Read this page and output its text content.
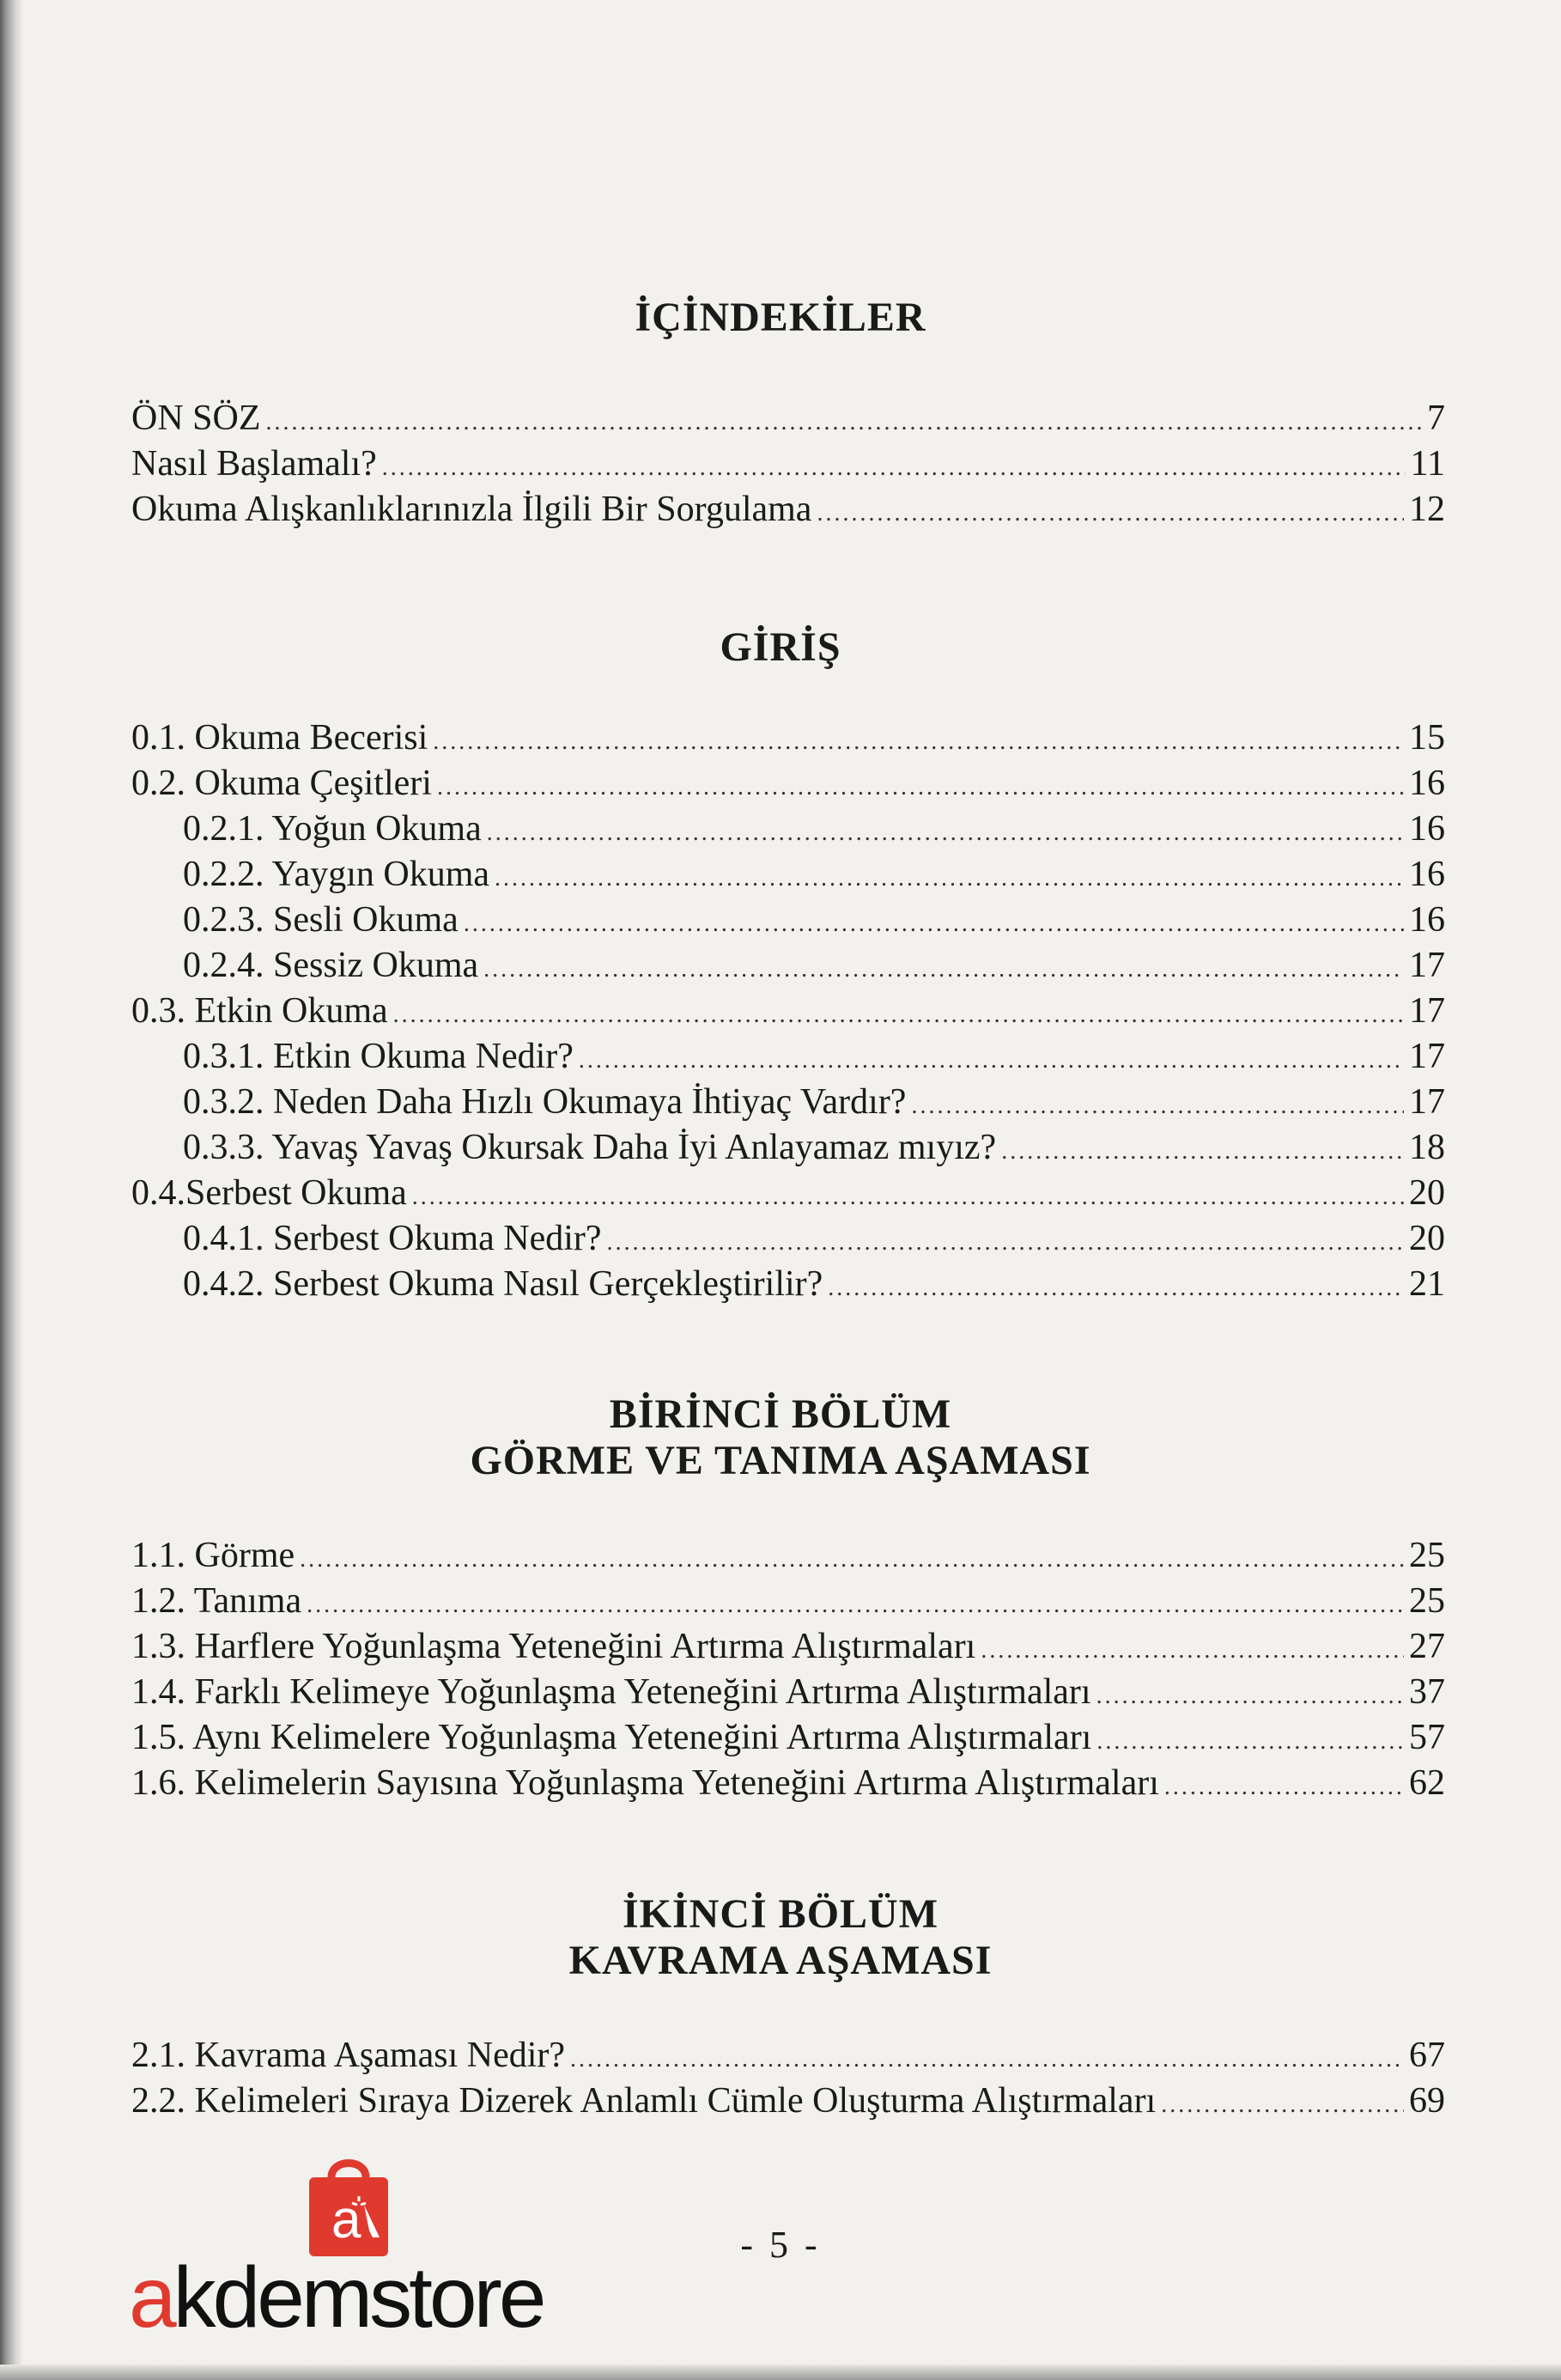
İÇİNDEKİLER
ÖN SÖZ .....	7
Nasıl Başlamalı? .....	11
Okuma Alışkanlıklarınızla İlgili Bir Sorgulama .....	12
GİRİŞ
0.1. Okuma Becerisi .....	15
0.2. Okuma Çeşitleri .....	16
0.2.1. Yoğun Okuma .....	16
0.2.2. Yaygın Okuma .....	16
0.2.3. Sesli Okuma .....	16
0.2.4. Sessiz Okuma .....	17
0.3. Etkin Okuma .....	17
0.3.1. Etkin Okuma Nedir? .....	17
0.3.2. Neden Daha Hızlı Okumaya İhtiyaç Vardır? .....	17
0.3.3. Yavaş Yavaş Okursak Daha İyi Anlayamaz mıyız? .....	18
0.4.Serbest Okuma .....	20
0.4.1. Serbest Okuma Nedir? .....	20
0.4.2. Serbest Okuma Nasıl Gerçekleştirilir? .....	21
BİRİNCİ BÖLÜM
GÖRME VE TANIMA AŞAMASI
1.1. Görme .....	25
1.2. Tanıma .....	25
1.3. Harflere Yoğunlaşma Yeteneğini Artırma Alıştırmaları .....	27
1.4. Farklı Kelimeye Yoğunlaşma Yeteneğini Artırma Alıştırmaları .....	37
1.5. Aynı Kelimelere Yoğunlaşma Yeteneğini Artırma Alıştırmaları .....	57
1.6. Kelimelerin Sayısına Yoğunlaşma Yeteneğini Artırma Alıştırmaları .....	62
İKİNCİ BÖLÜM
KAVRAMA AŞAMASI
2.1. Kavrama Aşaması Nedir? .....	67
2.2. Kelimeleri Sıraya Dizerek Anlamlı Cümle Oluşturma Alıştırmaları .....	69
- 5 -
a
akdemstore
